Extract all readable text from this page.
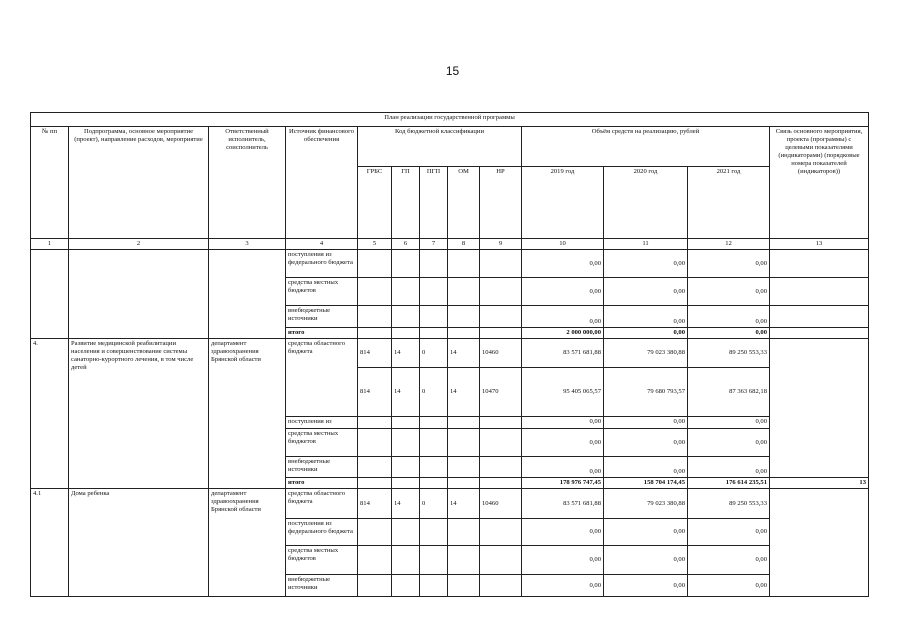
15
План реализации государственной программы												
№ пп	Подпрограмма, основное мероприятие (проект), направление расходов, мероприятие	Ответственный исполнитель, соисполнитель	Источник финансового обеспечения	Код бюджетной классификации					Объём средств на реализацию, рублей			Связь основного мероприятия, проекта (программы) с целевыми показателями (индикаторами) (порядковые номера показателей (индикаторов))
				ГРБС	ГП	ПГП	ОМ	НР	2019 год	2020 год	2021 год	
1	2	3	4	5	6	7	8	9	10	11	12	13
			поступления из федерального бюджета						0,00	0,00	0,00	
			средства местных бюджетов						0,00	0,00	0,00	
			внебюджетные источники						0,00	0,00	0,00	
			итого						2 000 000,00	0,00	0,00	
4.	Развитие медицинской реабилитации населения и совершенствование системы санаторно-курортного лечения, в том числе детей	департамент здравоохранения Брянской области	средства областного бюджета	814	14	0	14	10460	83 571 681,88	79 023 380,88	89 250 553,33	
				814	14	0	14	10470	95 405 065,57	79 680 793,57	87 363 682,18	
			поступления из						0,00	0,00	0,00	
			средства местных бюджетов						0,00	0,00	0,00	
			внебюджетные источники						0,00	0,00	0,00	
			итого						178 976 747,45	158 704 174,45	176 614 235,51	13
4.1	Дома ребенка	департамент здравоохранения Брянской области	средства областного бюджета	814	14	0	14	10460	83 571 681,88	79 023 380,88	89 250 553,33	
			поступления из федерального бюджета						0,00	0,00	0,00	
			средства местных бюджетов						0,00	0,00	0,00	
			внебюджетные источники						0,00	0,00	0,00	
